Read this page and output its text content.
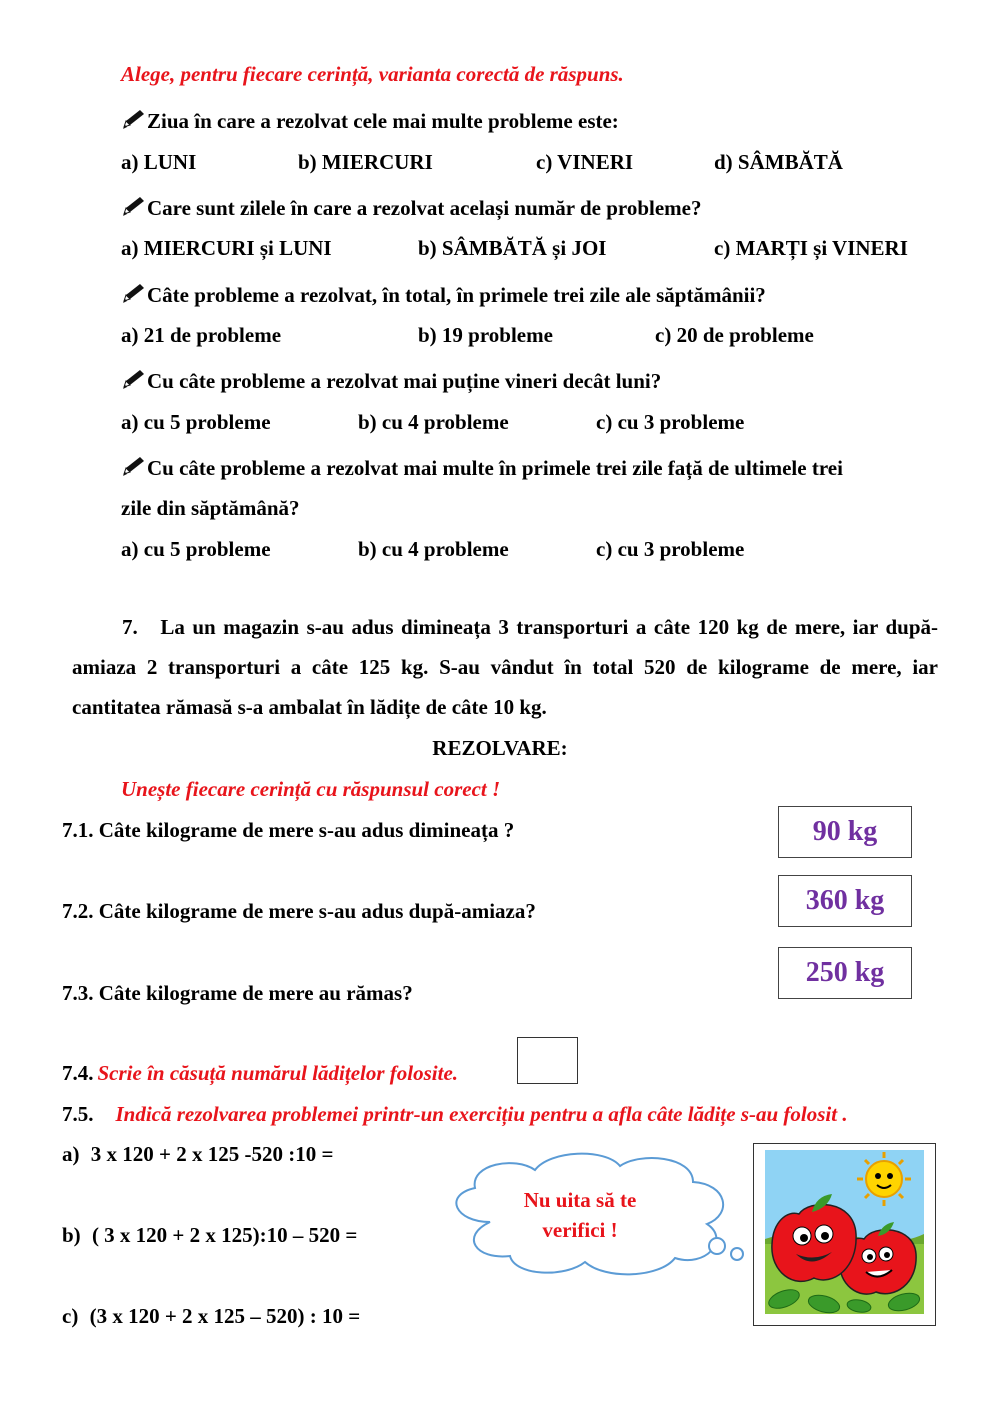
Alege, pentru fiecare cerință, varianta corectă de răspuns.
Ziua în care a rezolvat cele mai multe probleme este:
a) LUNI	b) MIERCURI	c) VINERI	d) SÂMBĂTĂ
Care sunt zilele în care a rezolvat același număr de probleme?
a) MIERCURI și LUNI	b) SÂMBĂTĂ și JOI	c) MARȚI și VINERI
Câte probleme a rezolvat, în total, în primele trei zile ale săptămânii?
a) 21 de probleme	b) 19 probleme	c) 20 de probleme
Cu câte probleme a rezolvat mai puține vineri decât luni?
a) cu 5 probleme	b) cu 4 probleme	c) cu 3 probleme
Cu câte probleme a rezolvat mai multe în primele trei zile față de ultimele trei
zile din săptămână?
a) cu 5 probleme	b) cu 4 probleme	c) cu 3 probleme
7. La un magazin s-au adus dimineața 3 transporturi a câte 120 kg de mere, iar după-amiaza 2 transporturi a câte 125 kg. S-au vândut în total 520 de kilograme de mere, iar cantitatea rămasă s-a ambalat în lădițe de câte 10 kg.
REZOLVARE:
Unește fiecare cerință cu răspunsul corect !
7.1. Câte kilograme de mere s-au adus dimineața ?
7.2. Câte kilograme de mere s-au adus după-amiaza?
7.3. Câte kilograme de mere au rămas?
90 kg
360 kg
250 kg
7.4. Scrie în căsuță numărul lădițelor folosite.
7.5. Indică rezolvarea problemei printr-un exercițiu pentru a afla câte lădițe s-au folosit .
a) 3 x 120 + 2 x 125 -520 :10 =
b) ( 3 x 120 + 2 x 125):10 – 520 =
c) (3 x 120 + 2 x 125 – 520) : 10 =
Nu uita să te
verifici !
